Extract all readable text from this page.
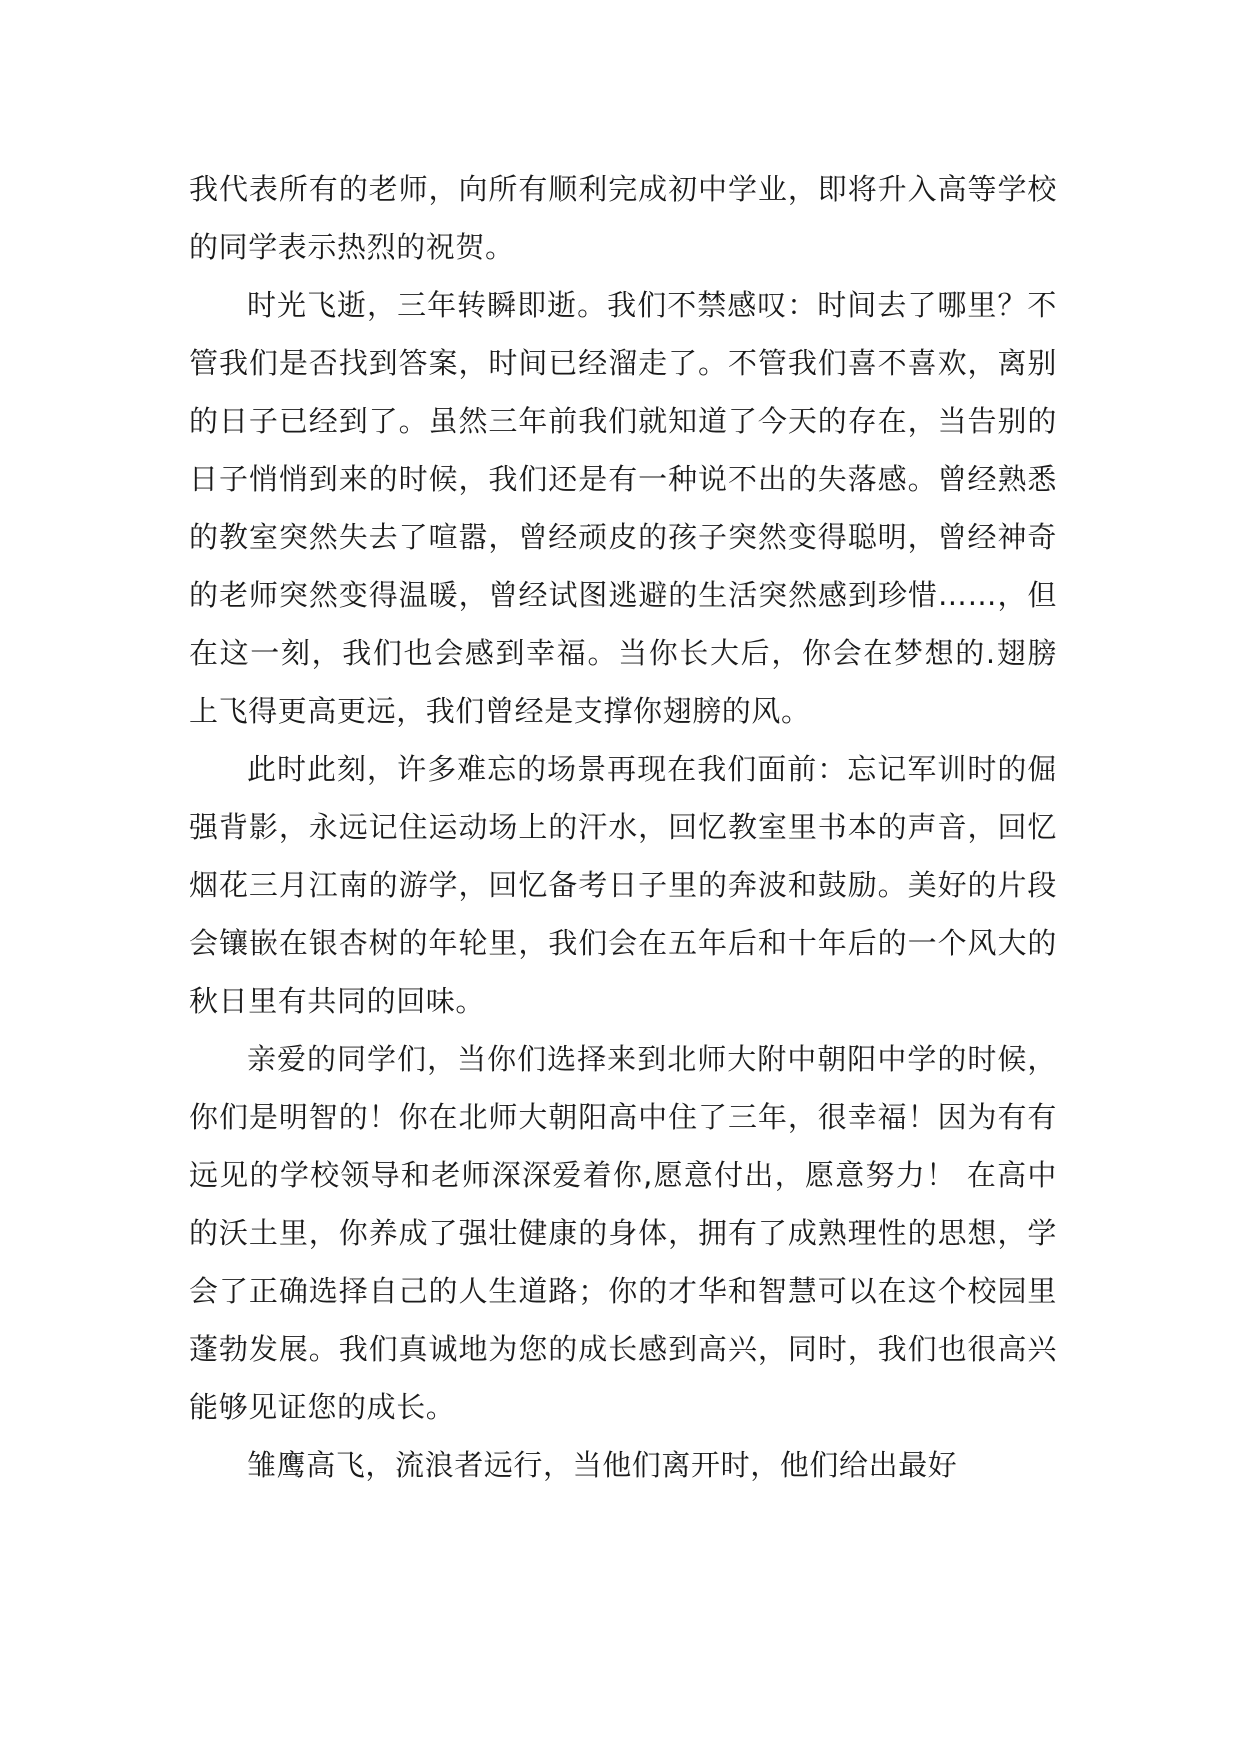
我代表所有的老师，向所有顺利完成初中学业，即将升入高等学校的同学表示热烈的祝贺。

时光飞逝，三年转瞬即逝。我们不禁感叹：时间去了哪里？不管我们是否找到答案，时间已经溜走了。不管我们喜不喜欢，离别的日子已经到了。虽然三年前我们就知道了今天的存在，当告别的日子悄悄到来的时候，我们还是有一种说不出的失落感。曾经熟悉的教室突然失去了喧嚣，曾经顽皮的孩子突然变得聪明，曾经神奇的老师突然变得温暖，曾经试图逃避的生活突然感到珍惜……，但在这一刻，我们也会感到幸福。当你长大后，你会在梦想的.翅膀上飞得更高更远，我们曾经是支撑你翅膀的风。

此时此刻，许多难忘的场景再现在我们面前：忘记军训时的倔强背影，永远记住运动场上的汗水，回忆教室里书本的声音，回忆烟花三月江南的游学，回忆备考日子里的奔波和鼓励。美好的片段会镶嵌在银杏树的年轮里，我们会在五年后和十年后的一个风大的秋日里有共同的回味。

亲爱的同学们，当你们选择来到北师大附中朝阳中学的时候，你们是明智的！你在北师大朝阳高中住了三年，很幸福！因为有有远见的学校领导和老师深深爱着你,愿意付出，愿意努力！ 在高中的沃土里，你养成了强壮健康的身体，拥有了成熟理性的思想，学会了正确选择自己的人生道路；你的才华和智慧可以在这个校园里蓬勃发展。我们真诚地为您的成长感到高兴，同时，我们也很高兴能够见证您的成长。

雏鹰高飞，流浪者远行，当他们离开时，他们给出最好
